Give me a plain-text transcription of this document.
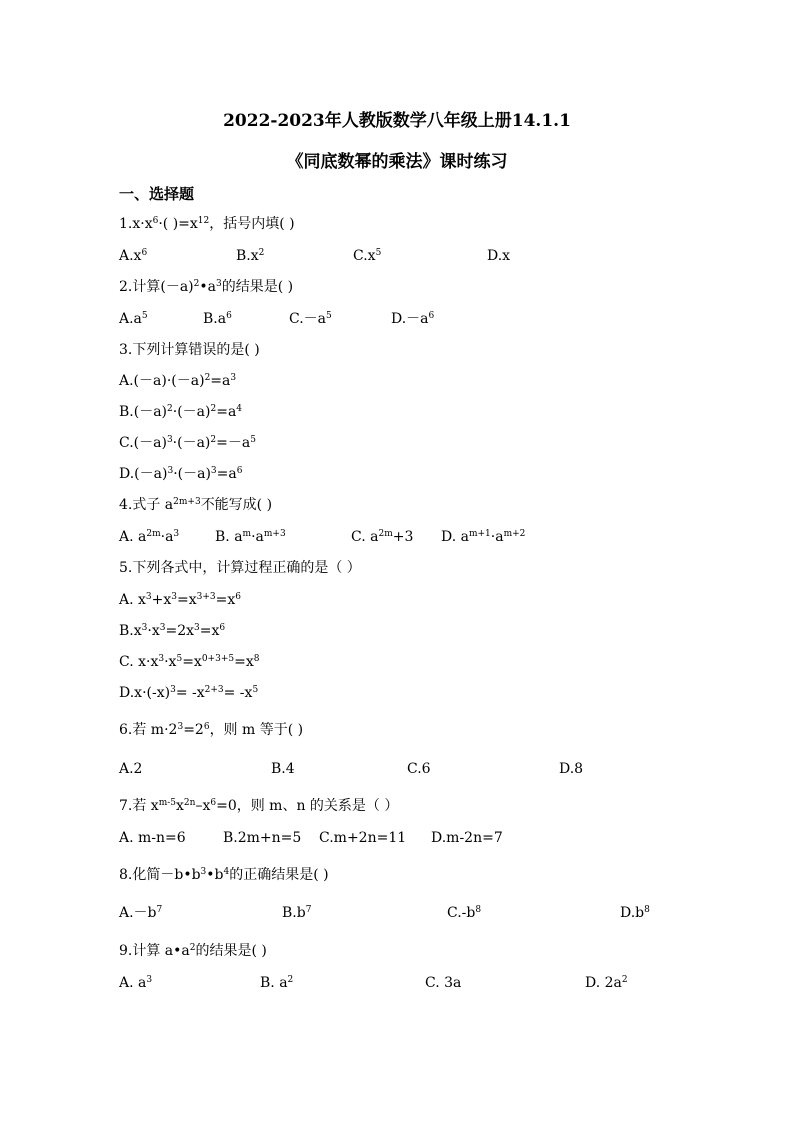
2022-2023年人教版数学八年级上册14.1.1
《同底数幂的乘法》课时练习
一、选择题
$1.x\cdot x^6\cdot$( )$=x^{12}$，括号内填( )
$A.x^6$	$B.x^2$	$C.x^5$	D.x
2.计算$(-a)^2•a^3$的结果是( )
$A.a^5$	$B.a^6$	$C.-a^5$	$D.-a^6$
3.下列计算错误的是( )
$A.(-a)\cdot(-a)^2=a^3$
$B.(-a)^2\cdot(-a)^2=a^4$
$C.(-a)^3\cdot(-a)^2=-a^5$
$D.(-a)^3\cdot(-a)^3=a^6$
4.式子 $a^{2m+3}$不能写成( )
A. $a^{2m}\cdot a^3$	B. $a^m\cdot a^{m+3}$	C. $a^{2m}+3$ D. $a^{m+1}\cdot a^{m+2}$
5.下列各式中，计算过程正确的是（ ）
A. $x^3+x^3=x^{3+3}=x^6$
$B.x^3\cdot x^3=2x^3=x^6$
C. $x\cdot x^3\cdot x^5=x^{0+3+5}=x^8$
$D.x\cdot(-x)^3= -x^{2+3}= -x^5$
6.若 $m\cdot 2^3=2^6$，则 m 等于( )
A.2	B.4	C.6	D.8
7.若 $x^{m-5}x^{2n}-x^6=0$，则 m、n 的关系是（ ）
A. m-n=6	B.2m+n=5 C.m+2n=11 D.m-2n=7
8.化简$-b•b^3•b^4$的正确结果是( )
$A.-b^7$	$B.b^7$	$C.-b^8$	$D.b^8$
9.计算 $a•a^2$的结果是( )
A. $a^3$	B. $a^2$	C. 3a	D. $2a^2$
